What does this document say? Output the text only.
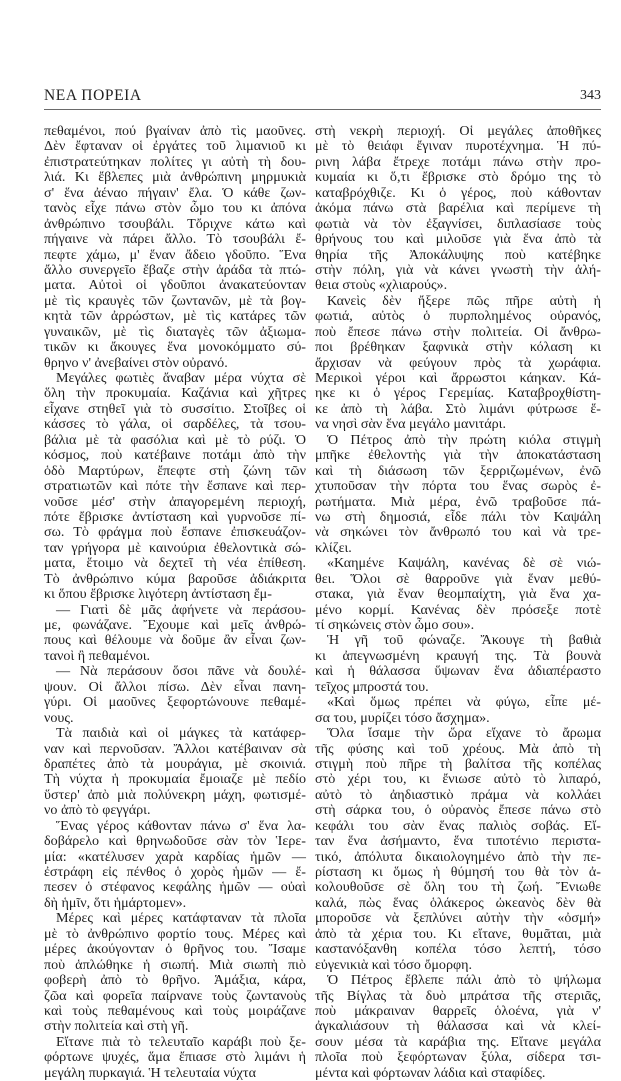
ΝΕΑ ΠΟΡΕΙΑ	343
πεθαμένοι, πού βγαίναν ἀπὸ τὶς μαοῦνες.
Δὲν ἔφταναν οἱ ἐργάτες τοῦ λιμανιοῦ κι
ἐπιστρατεύτηκαν πολίτες γι αὐτὴ τὴ δου-
λιά. Κι ἔβλεπες μιὰ ἀνθρώπινη μηρμυκιὰ
σ' ἕνα ἀέναο πήγαιν' ἔλα. Ὁ κάθε ζων-
τανὸς εἶχε πάνω στὸν ὦμο του κι ἀπόνα
ἀνθρώπινο τσουβάλι. Τὄριχνε κάτω καὶ
πήγαινε νὰ πάρει ἄλλο. Τὸ τσουβάλι ἔ-
πεφτε χάμω, μ' ἕναν ἄδειο γδοῦπο. Ἕνα
ἄλλο συνεργεῖο ἔβαζε στὴν ἀράδα τὰ πτώ-
ματα. Αὐτοὶ οἱ γδοῦποι ἀνακατεύονταν
μὲ τὶς κραυγὲς τῶν ζωντανῶν, μὲ τὰ βογ-
κητὰ τῶν ἀρρώστων, μὲ τὶς κατάρες τῶν
γυναικῶν, μὲ τὶς διαταγὲς τῶν ἀξιωμα-
τικῶν κι ἄκουγες ἕνα μονοκόμματο σύ-
θρηνο ν' ἀνεβαίνει στὸν οὐρανό.
Μεγάλες φωτιὲς ἄναβαν μέρα νύχτα σὲ
ὅλη τὴν προκυμαία. Καζάνια καὶ χῆτρες
εἶχανε στηθεῖ γιὰ τὸ συσσίτιο. Στοῖβες οἱ
κάσσες τὸ γάλα, οἱ σαρδέλες, τὰ τσου-
βάλια μὲ τὰ φασόλια καὶ μὲ τὸ ρύζι. Ὁ
κόσμος, ποὺ κατέβαινε ποτάμι ἀπὸ τὴν
ὁδὸ Μαρτύρων, ἔπεφτε στὴ ζώνη τῶν
στρατιωτῶν καὶ πότε τὴν ἔσπανε καὶ περ-
νοῦσε μέσ' στὴν ἀπαγορεμένη περιοχή,
πότε ἔβρισκε ἀντίσταση καὶ γυρνοῦσε πί-
σω. Τὸ φράγμα ποὺ ἔσπανε ἐπισκευάζον-
ταν γρήγορα μὲ καινούρια ἐθελοντικὰ σώ-
ματα, ἕτοιμο νὰ δεχτεῖ τὴ νέα ἐπίθεση.
Τὸ ἀνθρώπινο κύμα βαροῦσε ἀδιάκριτα
κι ὅπου ἔβρισκε λιγότερη ἀντίσταση ἔμ-
— Γιατὶ δὲ μᾶς ἀφήνετε νὰ περάσου-
με, φωνάζανε. Ἔχουμε καὶ μεῖς ἀνθρώ-
πους καὶ θέλουμε νὰ δοῦμε ἂν εἶναι ζων-
τανοὶ ἢ πεθαμένοι.
— Νὰ περάσουν ὅσοι πᾶνε νὰ δουλέ-
ψουν. Οἱ ἄλλοι πίσω. Δὲν εἶναι πανη-
γύρι. Οἱ μαοῦνες ξεφορτώνουνε πεθαμέ-
νους.
Τὰ παιδιὰ καὶ οἱ μάγκες τὰ κατάφερ-
ναν καὶ περνοῦσαν. Ἄλλοι κατέβαιναν σὰ
δραπέτες ἀπὸ τὰ μουράγια, μὲ σκοινιά.
Τὴ νύχτα ἡ προκυμαία ἔμοιαζε μὲ πεδίο
ὕστερ' ἀπὸ μιὰ πολύνεκρη μάχη, φωτισμέ-
νο ἀπὸ τὸ φεγγάρι.
Ἕνας γέρος κάθονταν πάνω σ' ἕνα λα-
δοβάρελο καὶ θρηνωδοῦσε σὰν τὸν Ἱερε-
μία: «κατέλυσεν χαρὰ καρδίας ἡμῶν —
ἐστράφη εἰς πένθος ὁ χορὸς ἡμῶν — ἔ-
πεσεν ὁ στέφανος κεφάλης ἡμῶν — οὐαὶ
δὴ ἡμῖν, ὅτι ἡμάρτομεν».
Μέρες καὶ μέρες κατάφταναν τὰ πλοῖα
μὲ τὸ ἀνθρώπινο φορτίο τους. Μέρες καὶ
μέρες ἀκούγονταν ὁ θρῆνος του. Ἴσαμε
ποὺ ἁπλώθηκε ἡ σιωπή. Μιὰ σιωπὴ πιὸ
φοβερὴ ἀπὸ τὸ θρῆνο. Ἁμάξια, κάρα,
ζῶα καὶ φορεῖα παίρνανε τοὺς ζωντανοὺς
καὶ τοὺς πεθαμένους καὶ τοὺς μοιράζανε
στὴν πολιτεία καὶ στὴ γῆ.
Εἴτανε πιὰ τὸ τελευταῖο καράβι ποὺ ξε-
φόρτωνε ψυχές, ἅμα ἔπιασε στὸ λιμάνι ἡ
μεγάλη πυρκαγιά. Ἡ τελευταία νύχτα
στὴ νεκρὴ περιοχή. Οἱ μεγάλες ἀποθῆκες
μὲ τὸ θειάφι ἔγιναν πυροτέχνημα. Ἡ πύ-
ρινη λάβα ἔτρεχε ποτάμι πάνω στὴν προ-
κυμαία κι ὅ,τι ἔβρισκε στὸ δρόμο της τὸ
καταβρόχθιζε. Κι ὁ γέρος, ποὺ κάθονταν
ἀκόμα πάνω στὰ βαρέλια καὶ περίμενε τὴ
φωτιὰ νὰ τὸν ἐξαγνίσει, διπλασίασε τοὺς
θρήνους του καὶ μιλοῦσε γιὰ ἕνα ἀπὸ τὰ
θηρία τῆς Ἀποκάλυψης ποὺ κατέβηκε
στὴν πόλη, γιὰ νὰ κάνει γνωστὴ τὴν ἀλή-
θεια στοὺς «χλιαρούς».
Κανεὶς δὲν ἤξερε πῶς πῆρε αὐτὴ ἡ
φωτιά, αὐτὸς ὁ πυρπολημένος οὐρανός,
ποὺ ἔπεσε πάνω στὴν πολιτεία. Οἱ ἄνθρω-
ποι βρέθηκαν ξαφνικὰ στὴν κόλαση κι
ἄρχισαν νὰ φεύγουν πρὸς τὰ χωράφια.
Μερικοὶ γέροι καὶ ἄρρωστοι κάηκαν. Κά-
ηκε κι ὁ γέρος Γερεμίας. Καταβροχθίστη-
κε ἀπὸ τὴ λάβα. Στὸ λιμάνι φύτρωσε ἕ-
να νησὶ σὰν ἕνα μεγάλο μανιτάρι.
Ὁ Πέτρος ἀπὸ τὴν πρώτη κιόλα στιγμὴ
μπῆκε ἐθελοντὴς γιὰ τὴν ἀποκατάσταση
καὶ τὴ διάσωση τῶν ξερριζωμένων, ἐνῶ
χτυποῦσαν τὴν πόρτα του ἕνας σωρὸς ἐ-
ρωτήματα. Μιὰ μέρα, ἐνῶ τραβοῦσε πά-
νω στὴ δημοσιά, εἶδε πάλι τὸν Καψάλη
νὰ σηκώνει τὸν ἄνθρωπό του καὶ νὰ τρε-
κλίζει.
«Καημένε Καψάλη, κανένας δὲ σὲ νιώ-
θει. Ὅλοι σὲ θαρροῦνε γιὰ ἕναν μεθύ-
στακα, γιὰ ἕναν θεομπαίχτη, γιὰ ἕνα χα-
μένο κορμί. Κανένας δὲν πρόσεξε ποτὲ
τί σηκώνεις στὸν ὦμο σου».
Ἡ γῆ τοῦ φώναζε. Ἄκουγε τὴ βαθιὰ
κι ἀπεγνωσμένη κραυγή της. Τὰ βουνὰ
καὶ ἡ θάλασσα ὕψωναν ἕνα ἀδιαπέραστο
τεῖχος μπροστά του.
«Καὶ ὅμως πρέπει νὰ φύγω, εἶπε μέ-
σα του, μυρίζει τόσο ἄσχημα».
Ὅλα ἴσαμε τὴν ὥρα εἴχανε τὸ ἄρωμα
τῆς φύσης καὶ τοῦ χρέους. Μὰ ἀπὸ τὴ
στιγμὴ ποὺ πῆρε τὴ βαλίτσα τῆς κοπέλας
στὸ χέρι του, κι ἔνιωσε αὐτὸ τὸ λιπαρό,
αὐτὸ τὸ ἀηδιαστικὸ πράμα νὰ κολλάει
στὴ σάρκα του, ὁ οὐρανὸς ἔπεσε πάνω στὸ
κεφάλι του σὰν ἕνας παλιὸς σοβάς. Εἴ-
ταν ἕνα ἀσήμαντο, ἕνα τιποτένιο περιστα-
τικό, ἀπόλυτα δικαιολογημένο ἀπὸ τὴν πε-
ρίσταση κι ὅμως ἡ θύμησή του θὰ τὸν ἀ-
κολουθοῦσε σὲ ὅλη του τὴ ζωή. Ἔνιωθε
καλά, πὼς ἕνας ὁλάκερος ὠκεανὸς δὲν θὰ
μποροῦσε νὰ ξεπλύνει αὐτὴν τὴν «ὀσμή»
ἀπὸ τὰ χέρια του. Κι εἴτανε, θυμᾶται, μιὰ
καστανόξανθη κοπέλα τόσο λεπτή, τόσο
εὐγενικιὰ καὶ τόσο ὄμορφη.
Ὁ Πέτρος ἔβλεπε πάλι ἀπὸ τὸ ψήλωμα
τῆς Βίγλας τὰ δυὸ μπράτσα τῆς στεριᾶς,
ποὺ μάκραιναν θαρρεῖς ὁλοένα, γιὰ ν'
ἀγκαλιάσουν τὴ θάλασσα καὶ νὰ κλεί-
σουν μέσα τὰ καράβια της. Εἴτανε μεγάλα
πλοῖα ποὺ ξεφόρτωναν ξύλα, σίδερα τσι-
μέντα καὶ φόρτωναν λάδια καὶ σταφίδες.
